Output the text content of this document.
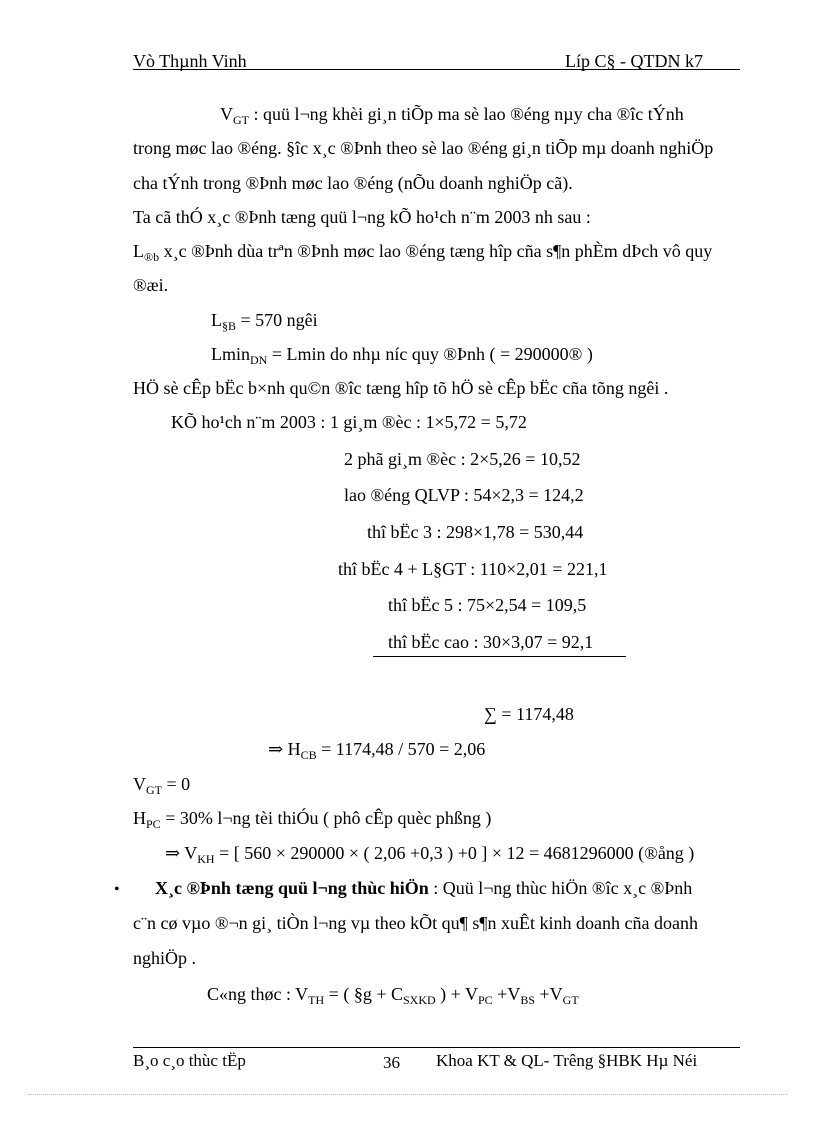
Vò Thµnh Vinh	Líp C§ - QTDN k7
$V_{GT}$ : quü l¬ng khèi gi¸n tiÕp ma sè lao ®éng nµy cha ®îc tÝnh
trong møc lao ®éng. §îc x¸c ®Þnh theo sè lao ®éng gi¸n tiÕp mµ doanh nghiÖp
cha tÝnh trong ®Þnh møc lao ®éng (nÕu doanh nghiÖp cã).
Ta cã thÓ x¸c ®Þnh tæng quü l¬ng kÕ ho¹ch n¨m 2003 nh sau :
$L_{®b}$ x¸c ®Þnh dùa trªn ®Þnh møc lao ®éng tæng hîp cña s¶n phÈm dÞch vô quy
®æi.
$L_{\S B} = 570$ ngêi
Lmin$_{DN}$ = Lmin do nhµ níc quy ®Þnh ( = 290000® )
HÖ sè cÊp bËc b×nh qu©n ®îc tæng hîp tõ hÖ sè cÊp bËc cña tõng ngêi .
KÕ ho¹ch n¨m 2003 : 1 gi¸m ®èc : 1×5,72 = 5,72
2 phã gi¸m ®èc : 2×5,26 = 10,52
lao ®éng QLVP : 54×2,3 = 124,2
thî bËc 3 : 298×1,78 = 530,44
thî bËc 4 + L§GT : 110×2,01 = 221,1
thî bËc 5 : 75×2,54 = 109,5
thî bËc cao : 30×3,07 = 92,1
∑ = 1174,48
⇒ $H_{CB} = 1174,48 / 570 = 2,06$
$V_{GT} = 0$
$H_{PC} = 30\%$ l¬ng tèi thiÓu ( phô cÊp quèc phßng )
⇒ $V_{KH}$ = [ 560 × 290000 × ( 2,06 +0,3 ) +0 ] × 12 = 4681296000 (®ång )
• X¸c ®Þnh tæng quü l¬ng thùc hiÖn : Quü l¬ng thùc hiÖn ®îc x¸c ®Þnh
c¨n cø vµo ®¬n gi¸ tiÒn l¬ng vµ theo kÕt qu¶ s¶n xuÊt kinh doanh cña doanh
nghiÖp .
C«ng thøc : $V_{TH}$ = ( §g + $C_{SXKD}$ ) + $V_{PC} +V_{BS} +V_{GT}$
B¸o c¸o thùc tËp	36 Khoa KT & QL- Trêng §HBK Hµ Néi
